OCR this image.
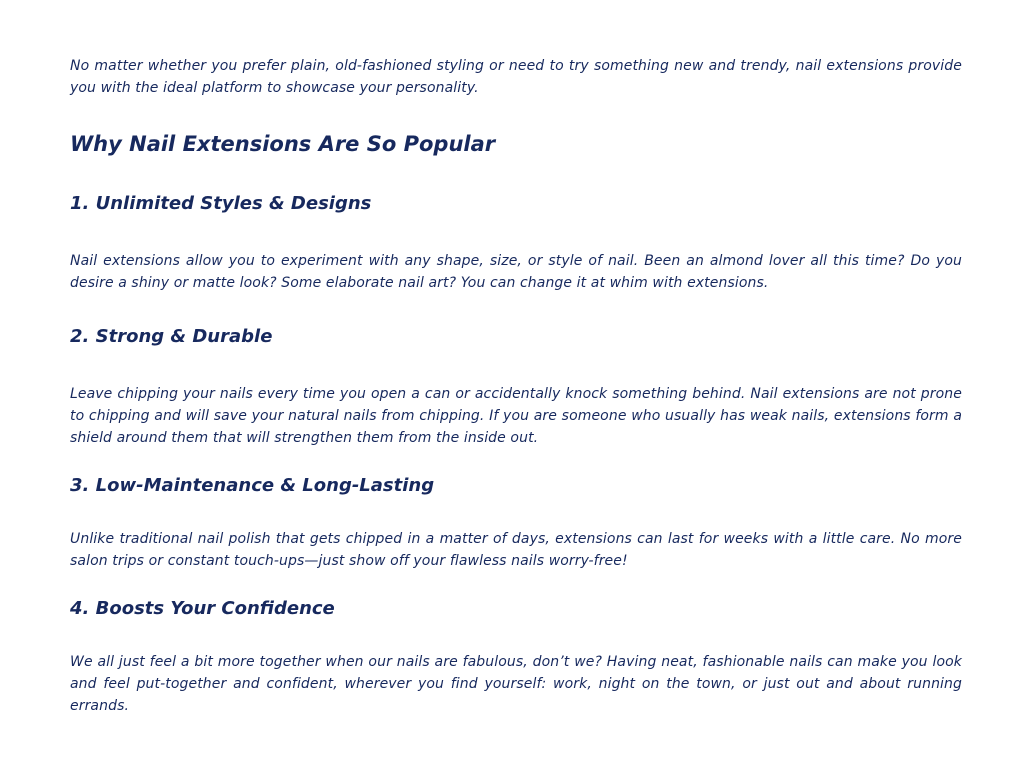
No matter whether you prefer plain, old-fashioned styling or need to try something new and trendy, nail extensions provide you with the ideal platform to showcase your personality.

Why Nail Extensions Are So Popular
1. Unlimited Styles & Designs

Nail extensions allow you to experiment with any shape, size, or style of nail. Been an almond lover all this time? Do you desire a shiny or matte look? Some elaborate nail art? You can change it at whim with extensions.

2. Strong & Durable

Leave chipping your nails every time you open a can or accidentally knock something behind. Nail extensions are not prone to chipping and will save your natural nails from chipping. If you are someone who usually has weak nails, extensions form a shield around them that will strengthen them from the inside out.

3. Low-Maintenance & Long-Lasting

Unlike traditional nail polish that gets chipped in a matter of days, extensions can last for weeks with a little care. No more salon trips or constant touch-ups—just show off your flawless nails worry-free!

4. Boosts Your Confidence

We all just feel a bit more together when our nails are fabulous, don’t we? Having neat, fashionable nails can make you look and feel put-together and confident, wherever you find yourself: work, night on the town, or just out and about running errands.
